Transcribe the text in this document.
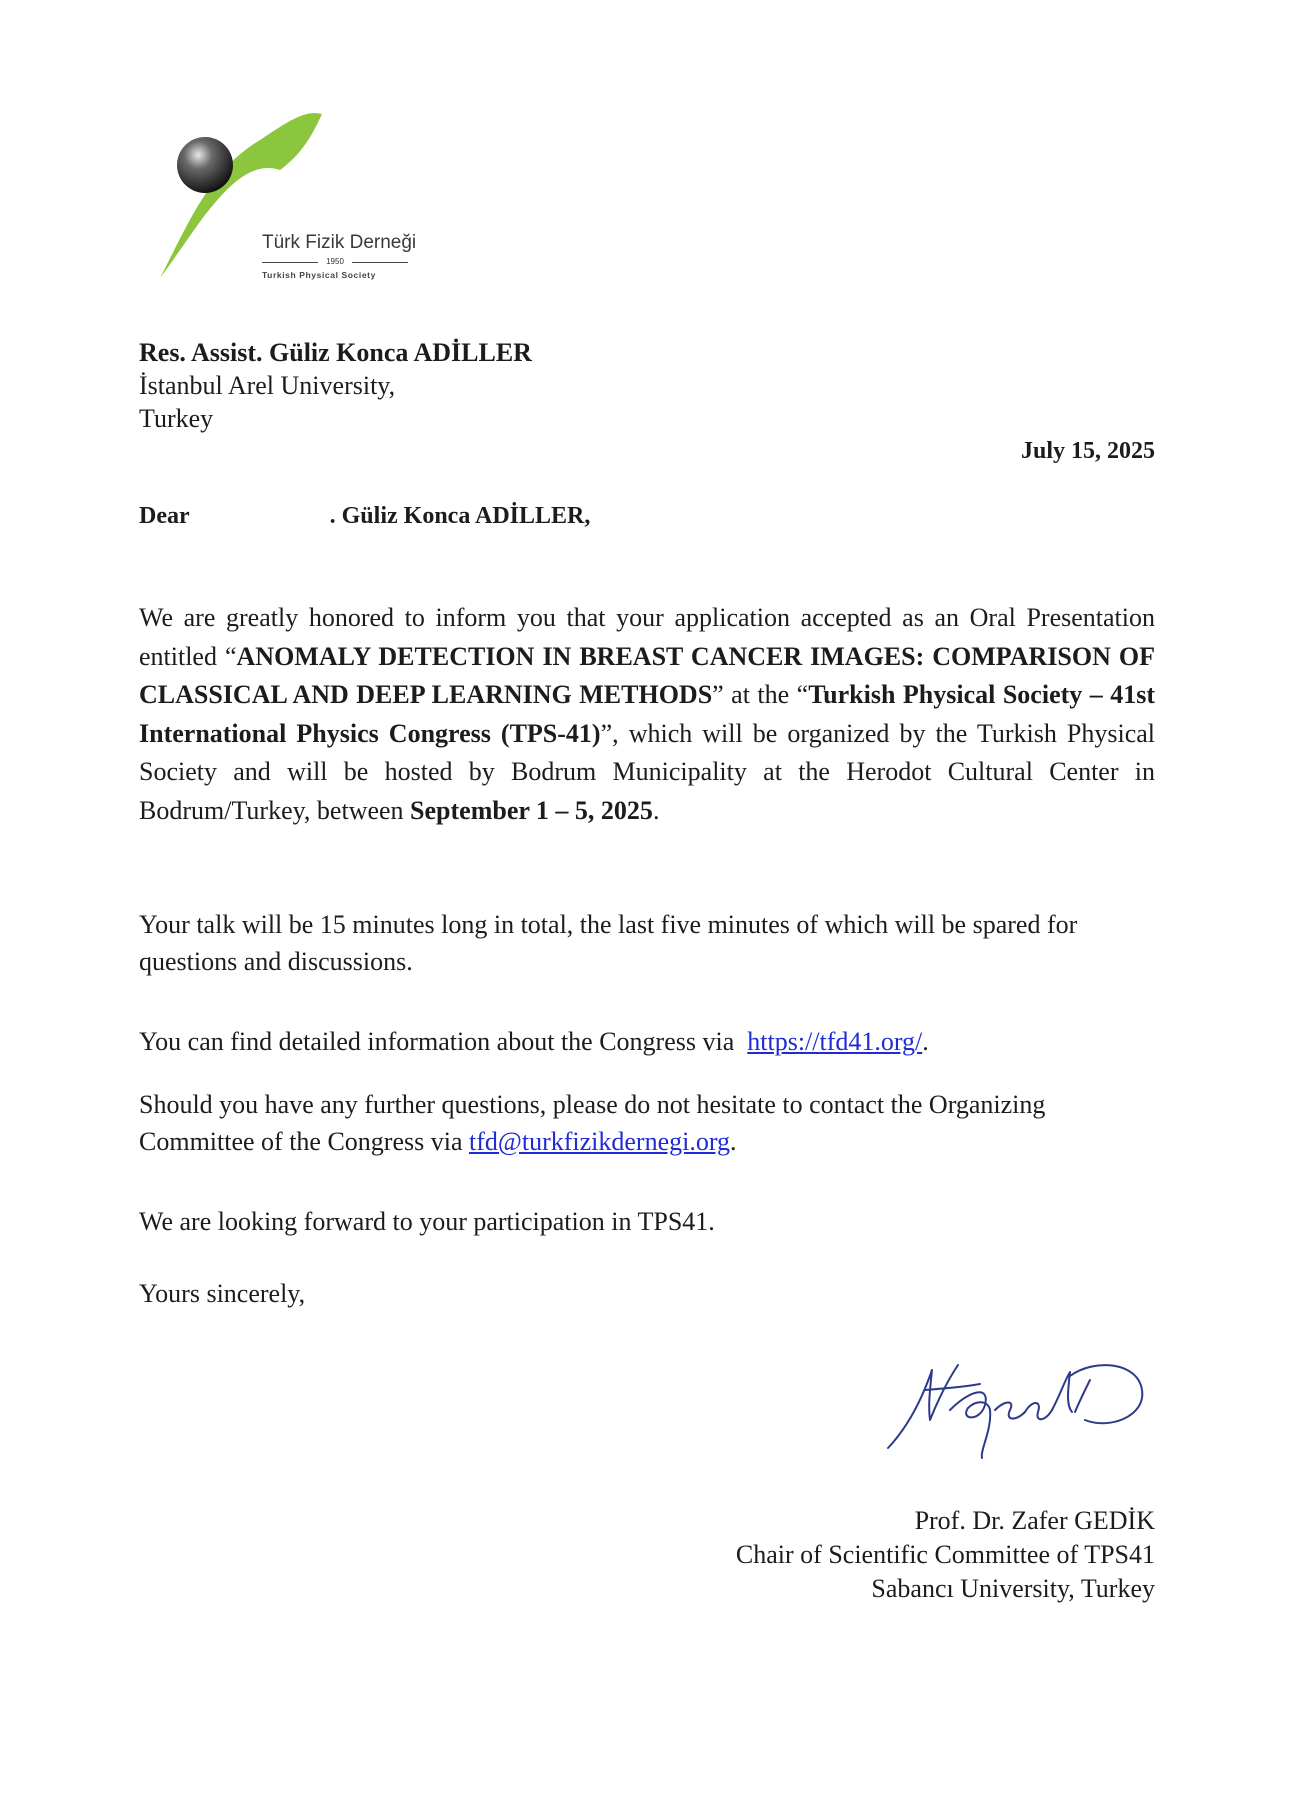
Türk Fizik Derneği
1950
Turkish Physical Society
Res. Assist. Güliz Konca ADİLLER
İstanbul Arel University,
Turkey
July 15, 2025
Dear	. Güliz Konca ADİLLER,
We are greatly honored to inform you that your application accepted as an Oral Presentation entitled “ANOMALY DETECTION IN BREAST CANCER IMAGES: COMPARISON OF CLASSICAL AND DEEP LEARNING METHODS” at the “Turkish Physical Society – 41st International Physics Congress (TPS-41)”, which will be organized by the Turkish Physical Society and will be hosted by Bodrum Municipality at the Herodot Cultural Center in Bodrum/Turkey, between September 1 – 5, 2025.
Your talk will be 15 minutes long in total, the last five minutes of which will be spared for questions and discussions.
You can find detailed information about the Congress via  https://tfd41.org/.
Should you have any further questions, please do not hesitate to contact the Organizing Committee of the Congress via tfd@turkfizikdernegi.org.
We are looking forward to your participation in TPS41.
Yours sincerely,
Prof. Dr. Zafer GEDİK
Chair of Scientific Committee of TPS41
Sabancı University, Turkey
